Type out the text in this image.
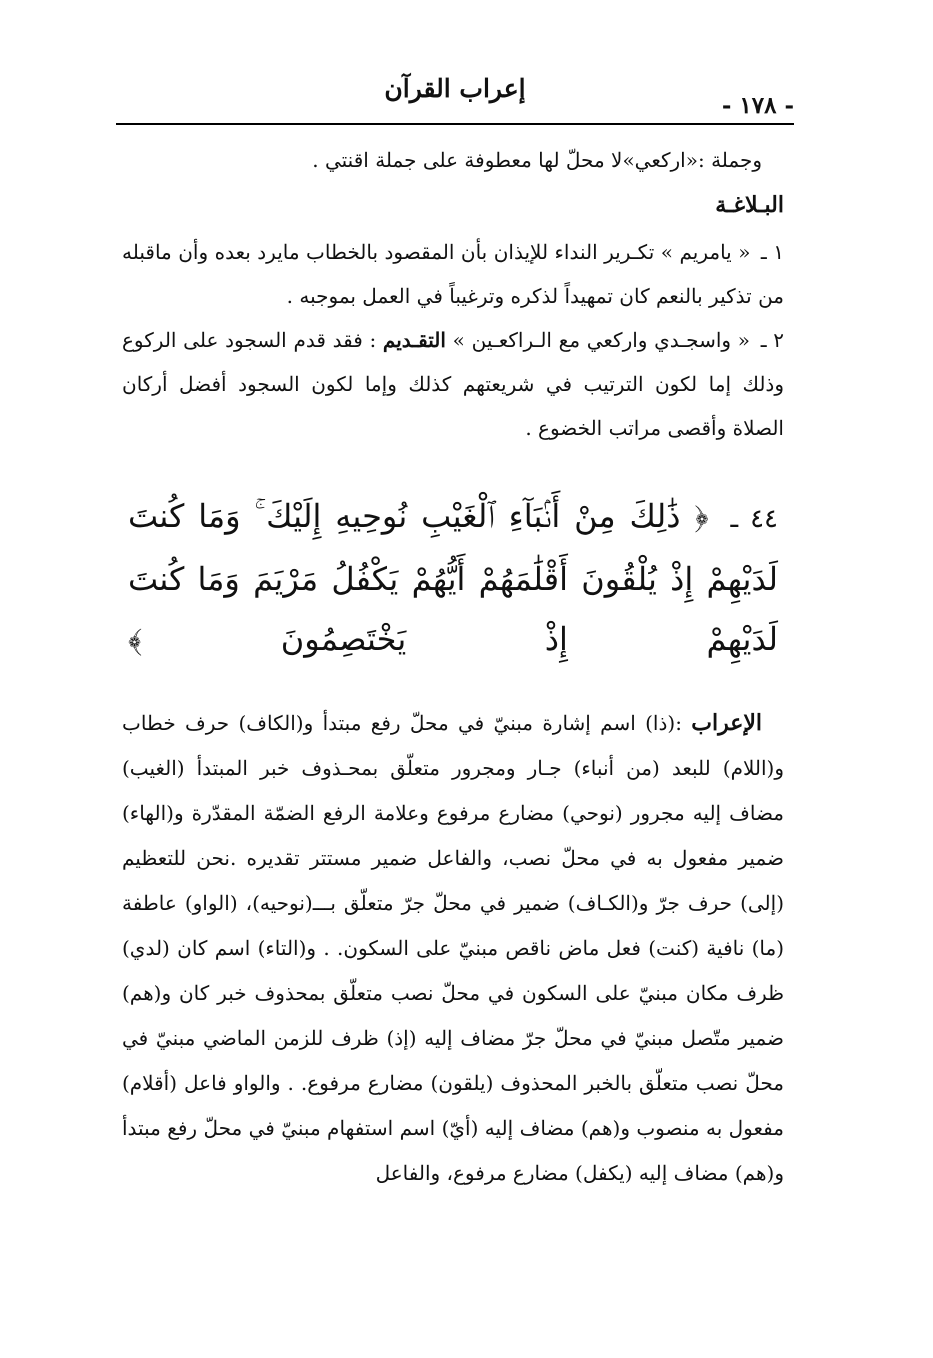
إعراب القرآن
- ١٧٨ -

وجملة :«اركعي»لا محلّ لها معطوفة على جملة اقنتي .

البـلاغـة

١ ـ « يامريم » تكـرير النداء للإيذان بأن المقصود بالخطاب مايرد بعده وأن ماقبله من تذكير بالنعم كان تمهيداً لذكره وترغيباً في العمل بموجبه .

٢ ـ « واسجـدي واركعي مع الـراكعـين » التقـديم : فقد قدم السجود على الركوع وذلك إما لكون الترتيب في شريعتهم كذلك وإما لكون السجود أفضل أركان الصلاة وأقصى مراتب الخضوع .

٤٤ ـ ﴿ ذَٰلِكَ مِنْ أَنۢبَآءِ ٱلْغَيْبِ نُوحِيهِ إِلَيْكَ ۚ وَمَا كُنتَ لَدَيْهِمْ إِذْ يُلْقُونَ أَقْلَٰمَهُمْ أَيُّهُمْ يَكْفُلُ مَرْيَمَ وَمَا كُنتَ لَدَيْهِمْ إِذْ يَخْتَصِمُونَ ﴾

الإعراب :(ذا) اسم إشارة مبنيّ في محلّ رفع مبتدأ و(الكاف) حرف خطاب و(اللام) للبعد (من أنباء) جـار ومجرور متعلّق بمحـذوف خبر المبتدأ (الغيب) مضاف إليه مجرور (نوحي) مضارع مرفوع وعلامة الرفع الضمّة المقدّرة و(الهاء) ضمير مفعول به في محلّ نصب، والفاعل ضمير مستتر تقديره .نحن للتعظيم (إلى) حرف جرّ و(الكـاف) ضمير في محلّ جرّ متعلّق بـــ(نوحيه)، (الواو) عاطفة (ما) نافية (كنت) فعل ماض ناقص مبنيّ على السكون. . و(التاء) اسم كان (لدي) ظرف مكان مبنيّ على السكون في محلّ نصب متعلّق بمحذوف خبر كان و(هم) ضمير متّصل مبنيّ في محلّ جرّ مضاف إليه (إذ) ظرف للزمن الماضي مبنيّ في محلّ نصب متعلّق بالخبر المحذوف (يلقون) مضارع مرفوع. . والواو فاعل (أقلام) مفعول به منصوب و(هم) مضاف إليه (أيّ) اسم استفهام مبنيّ في محلّ رفع مبتدأ و(هم) مضاف إليه (يكفل) مضارع مرفوع، والفاعل
